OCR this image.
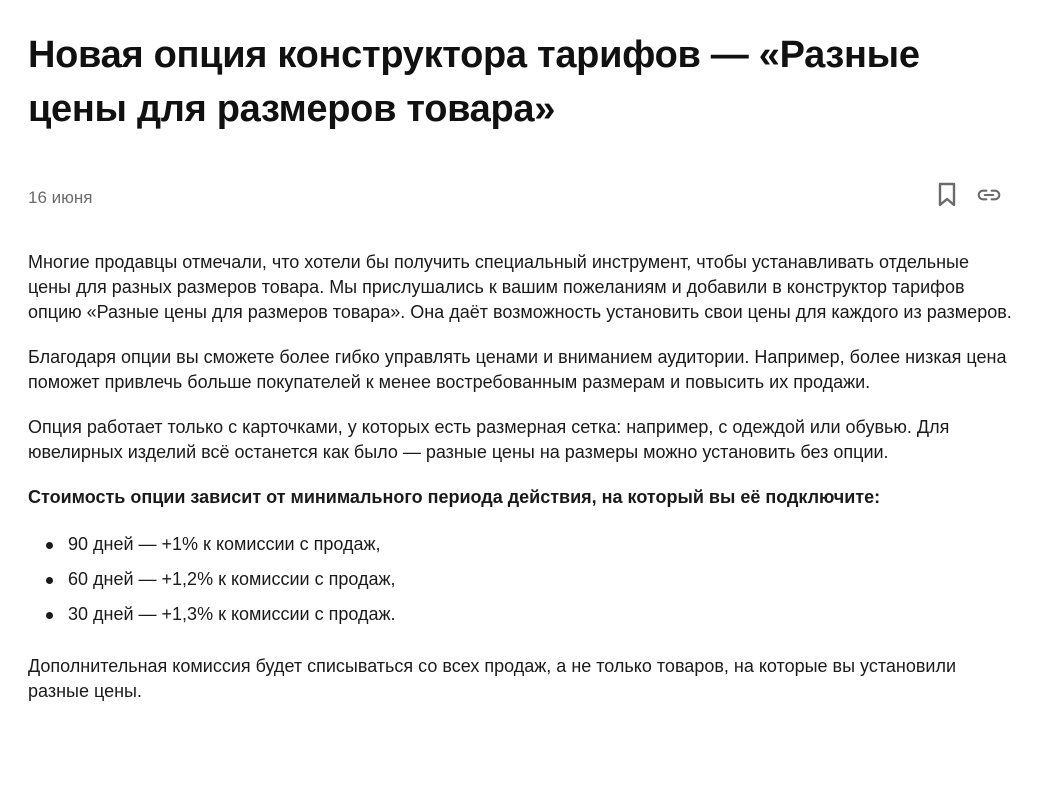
Новая опция конструктора тарифов — «Разные цены для размеров товара»
16 июня

Многие продавцы отмечали, что хотели бы получить специальный инструмент, чтобы устанавливать отдельные цены для разных размеров товара. Мы прислушались к вашим пожеланиям и добавили в конструктор тарифов опцию «Разные цены для размеров товара». Она даёт возможность установить свои цены для каждого из размеров.

Благодаря опции вы сможете более гибко управлять ценами и вниманием аудитории. Например, более низкая цена поможет привлечь больше покупателей к менее востребованным размерам и повысить их продажи.

Опция работает только с карточками, у которых есть размерная сетка: например, с одеждой или обувью. Для ювелирных изделий всё останется как было — разные цены на размеры можно установить без опции.

Стоимость опции зависит от минимального периода действия, на который вы её подключите:

90 дней — +1% к комиссии с продаж,
60 дней — +1,2% к комиссии с продаж,
30 дней — +1,3% к комиссии с продаж.

Дополнительная комиссия будет списываться со всех продаж, а не только товаров, на которые вы установили разные цены.
